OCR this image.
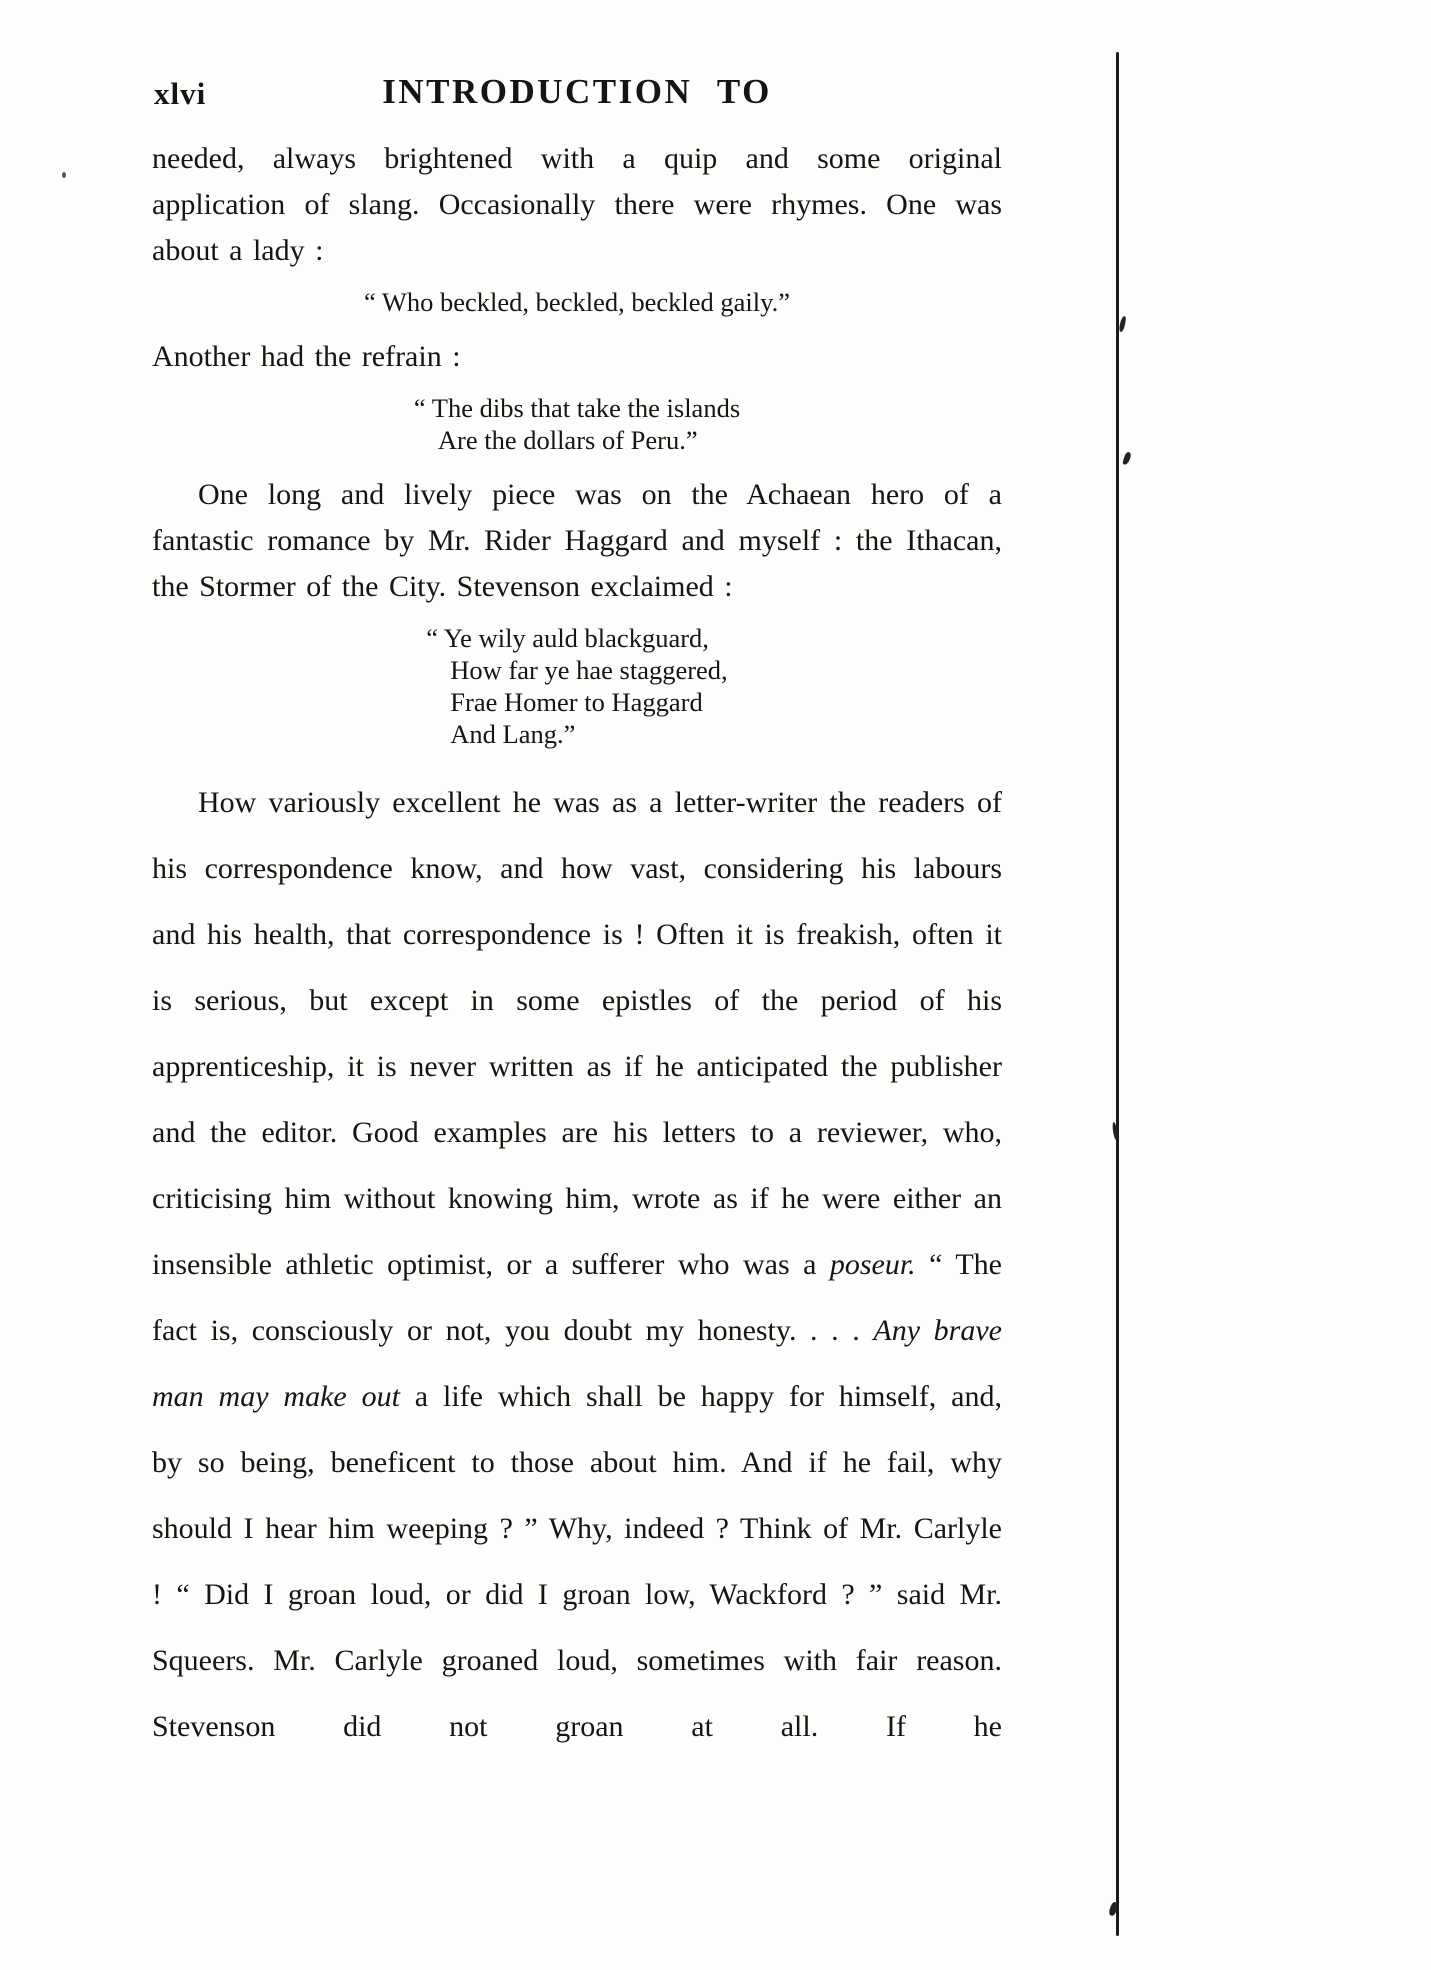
xlvi	INTRODUCTION TO

needed, always brightened with a quip and some original application of slang. Occasionally there were rhymes. One was about a lady :

“ Who beckled, beckled, beckled gaily.”

Another had the refrain :

“ The dibs that take the islands
Are the dollars of Peru.”

One long and lively piece was on the Achaean hero of a fantastic romance by Mr. Rider Haggard and myself : the Ithacan, the Stormer of the City. Stevenson exclaimed :

“ Ye wily auld blackguard,
How far ye hae staggered,
Frae Homer to Haggard
And Lang.”

How variously excellent he was as a letter-writer the readers of his correspondence know, and how vast, considering his labours and his health, that correspondence is ! Often it is freakish, often it is serious, but except in some epistles of the period of his apprenticeship, it is never written as if he anticipated the publisher and the editor. Good examples are his letters to a reviewer, who, criticising him without knowing him, wrote as if he were either an insensible athletic optimist, or a sufferer who was a poseur. “ The fact is, consciously or not, you doubt my honesty. . . . Any brave man may make out a life which shall be happy for himself, and, by so being, beneficent to those about him. And if he fail, why should I hear him weeping ? ” Why, indeed ? Think of Mr. Carlyle ! “ Did I groan loud, or did I groan low, Wackford ? ” said Mr. Squeers. Mr. Carlyle groaned loud, sometimes with fair reason. Stevenson did not groan at all. If he
